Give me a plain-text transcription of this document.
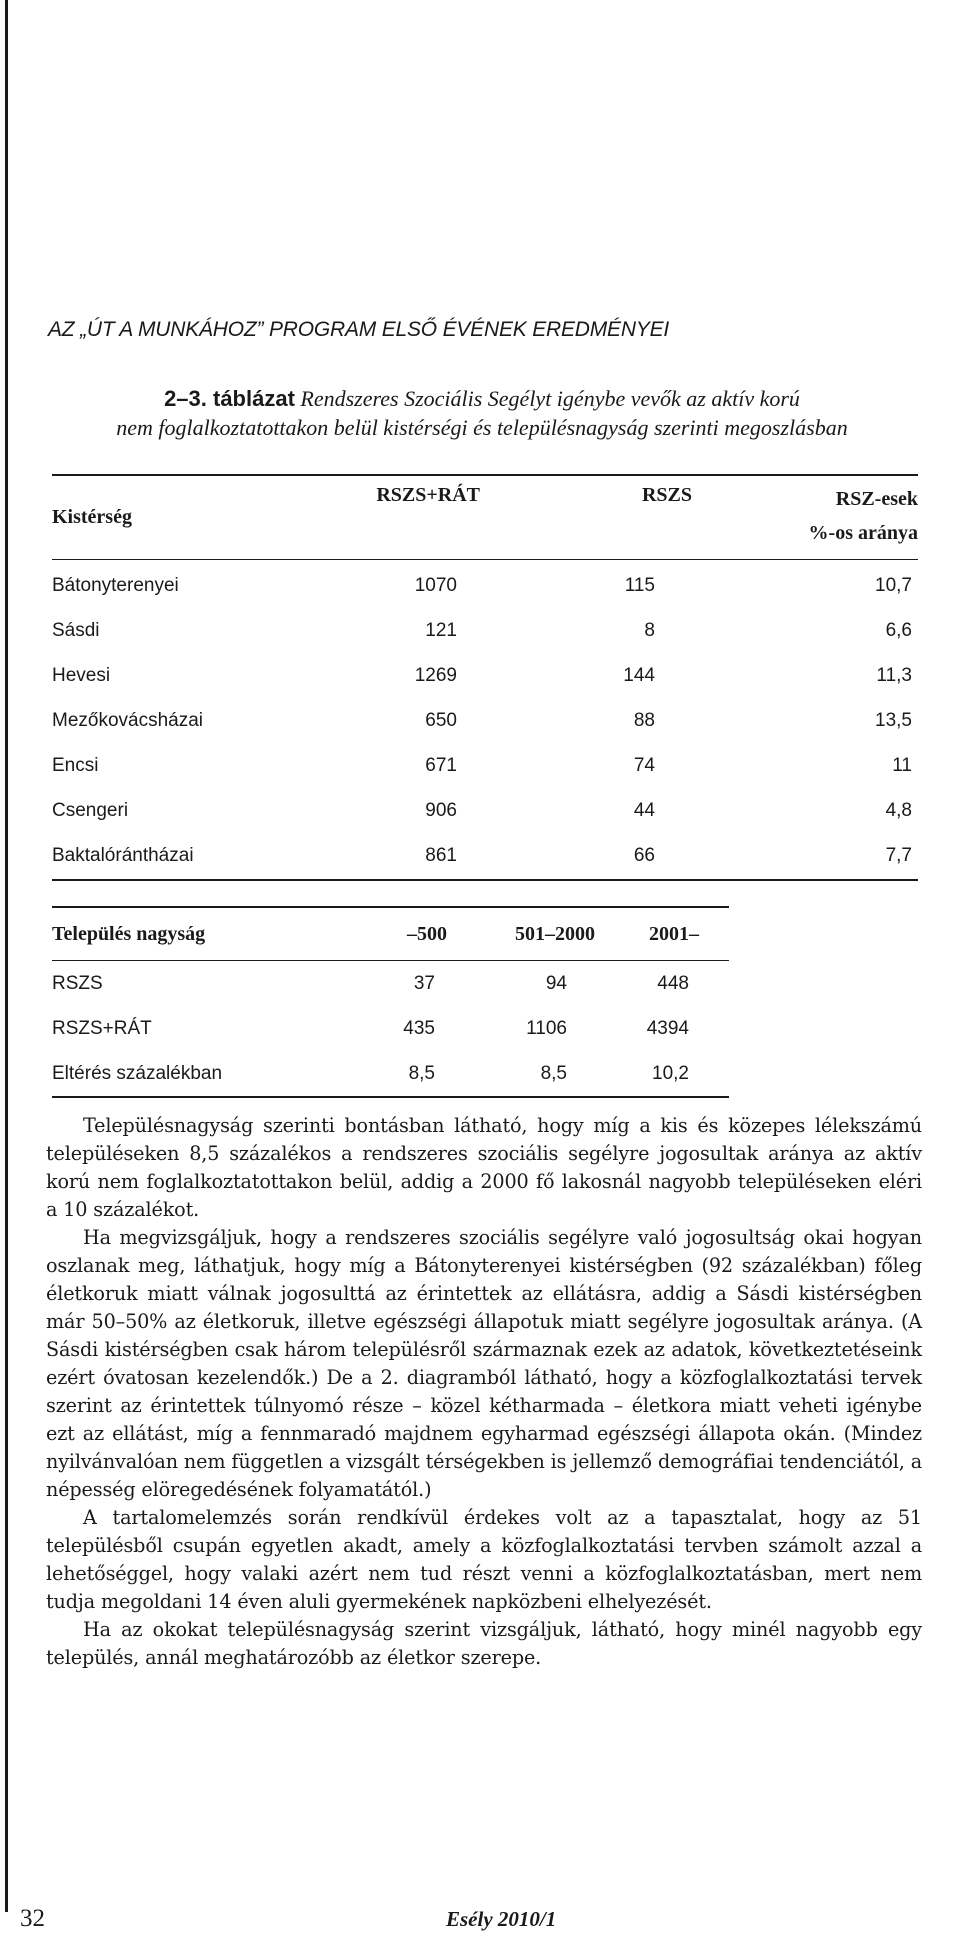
AZ „ÚT A MUNKÁHOZ” PROGRAM ELSŐ ÉVÉNEK EREDMÉNYEI
2–3. táblázat Rendszeres Szociális Segélyt igénybe vevők az aktív korú
nem foglalkoztatottakon belül kistérségi és településnagyság szerinti megoszlásban
Kistérség	RSZS+RÁT	RSZS	RSZ-esek
%-os aránya

Bátonyterenyei	1070	115	10,7
Sásdi	121	8	6,6
Hevesi	1269	144	11,3
Mezőkovácsházai	650	88	13,5
Encsi	671	74	11
Csengeri	906	44	4,8
Baktalórántházai	861	66	7,7
Település nagyság	–500	501–2000	2001–
RSZS	37	94	448
RSZS+RÁT	435	1106	4394
Eltérés százalékban	8,5	8,5	10,2

Településnagyság szerinti bontásban látható, hogy míg a kis és közepes lélekszámú településeken 8,5 százalékos a rendszeres szociális segélyre jogosultak aránya az aktív korú nem foglalkoztatottakon belül, addig a 2000 fő lakosnál nagyobb településeken eléri a 10 százalékot.

Ha megvizsgáljuk, hogy a rendszeres szociális segélyre való jogosultság okai hogyan oszlanak meg, láthatjuk, hogy míg a Bátonyterenyei kistérségben (92 százalékban) főleg életkoruk miatt válnak jogosulttá az érintettek az ellátásra, addig a Sásdi kistérségben már 50–50% az életkoruk, illetve egészségi állapotuk miatt segélyre jogosultak aránya. (A Sásdi kistérségben csak három településről származnak ezek az adatok, következtetéseink ezért óvatosan kezelendők.) De a 2. diagramból látható, hogy a közfoglalkoztatási tervek szerint az érintettek túlnyomó része – közel kétharmada – életkora miatt veheti igénybe ezt az ellátást, míg a fennmaradó majdnem egyharmad egészségi állapota okán. (Mindez nyilvánvalóan nem független a vizsgált térségekben is jellemző demográfiai tendenciától, a népesség elöregedésének folyamatától.)

A tartalomelemzés során rendkívül érdekes volt az a tapasztalat, hogy az 51 településből csupán egyetlen akadt, amely a közfoglalkoztatási tervben számolt azzal a lehetőséggel, hogy valaki azért nem tud részt venni a közfoglalkoztatásban, mert nem tudja megoldani 14 éven aluli gyermekének napközbeni elhelyezését.

Ha az okokat településnagyság szerint vizsgáljuk, látható, hogy minél nagyobb egy település, annál meghatározóbb az életkor szerepe.

32	Esély 2010/1
